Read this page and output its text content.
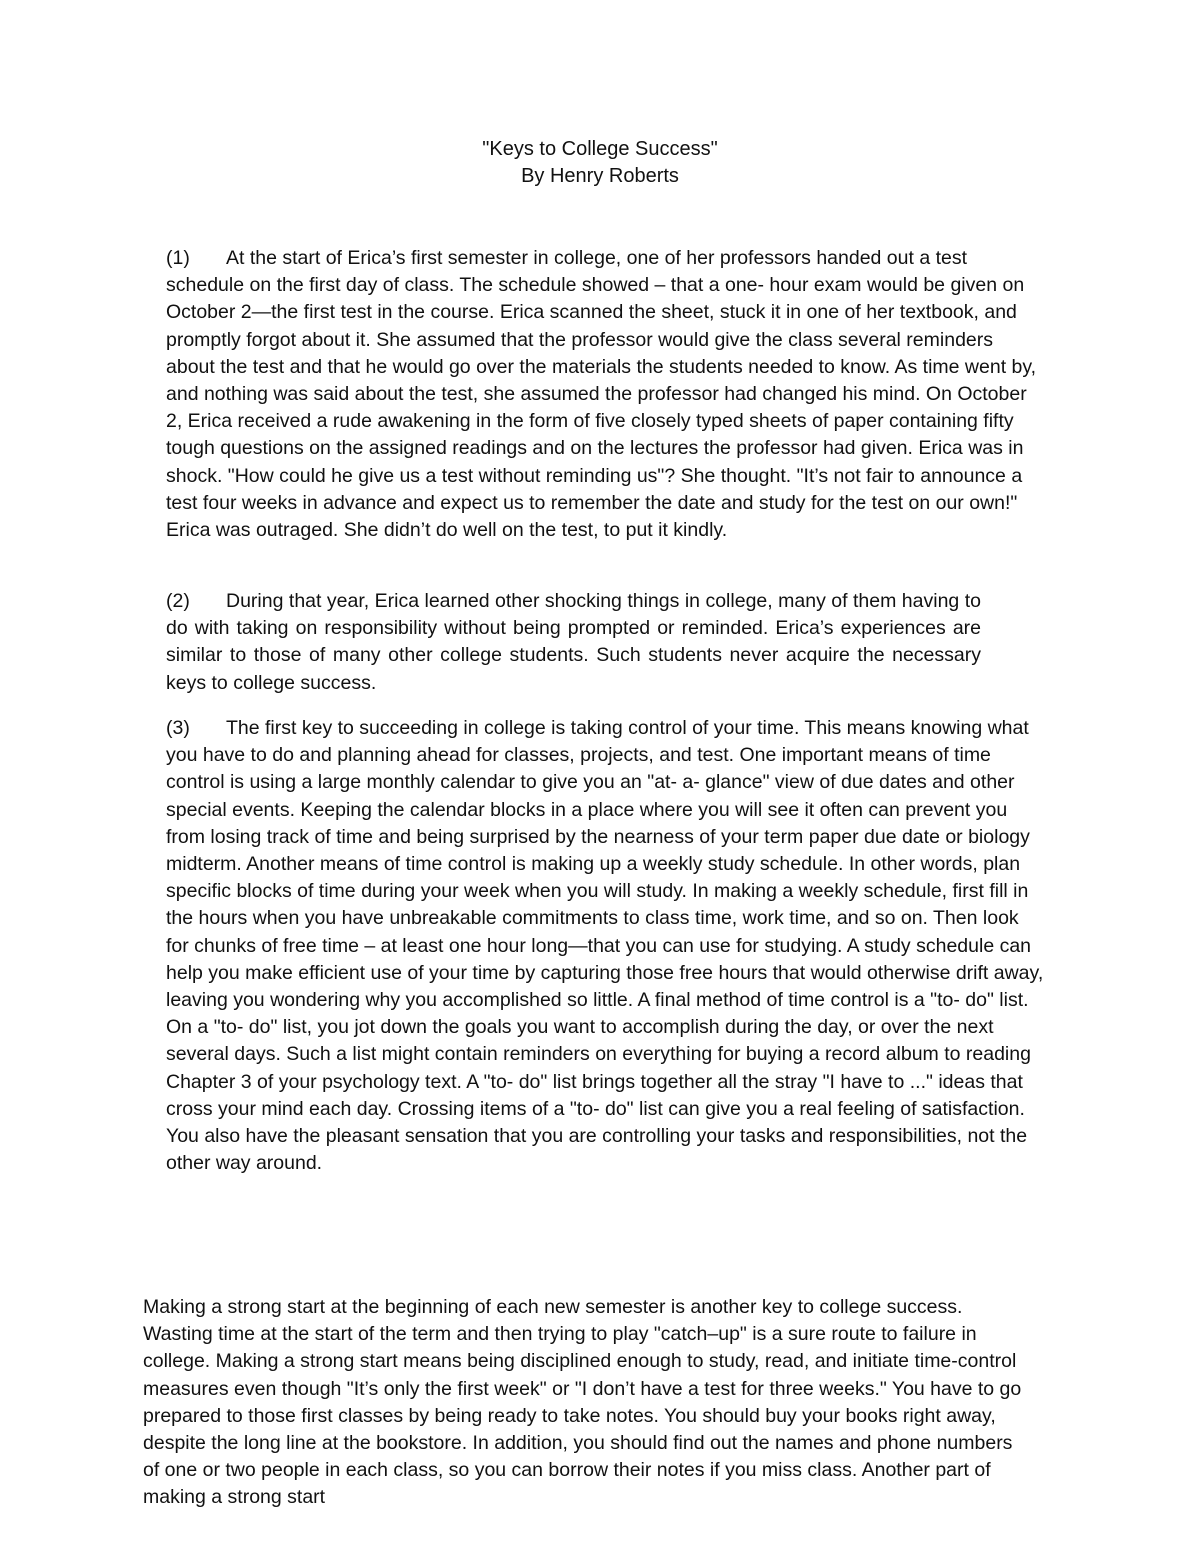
"Keys to College Success"
By Henry Roberts

(1) At the start of Erica’s first semester in college, one of her professors handed out a test schedule on the first day of class. The schedule showed – that a one- hour exam would be given on October 2—the first test in the course. Erica scanned the sheet, stuck it in one of her textbook, and promptly forgot about it. She assumed that the professor would give the class several reminders about the test and that he would go over the materials the students needed to know. As time went by, and nothing was said about the test, she assumed the professor had changed his mind. On October 2, Erica received a rude awakening in the form of five closely typed sheets of paper containing fifty tough questions on the assigned readings and on the lectures the professor had given. Erica was in shock. "How could he give us a test without reminding us"? She thought. "It’s not fair to announce a test four weeks in advance and expect us to remember the date and study for the test on our own!" Erica was outraged. She didn’t do well on the test, to put it kindly.

(2) During that year, Erica learned other shocking things in college, many of them having to do with taking on responsibility without being prompted or reminded. Erica’s experiences are similar to those of many other college students. Such students never acquire the necessary keys to college success.

(3) The first key to succeeding in college is taking control of your time. This means knowing what you have to do and planning ahead for classes, projects, and test. One important means of time control is using a large monthly calendar to give you an "at- a- glance" view of due dates and other special events. Keeping the calendar blocks in a place where you will see it often can prevent you from losing track of time and being surprised by the nearness of your term paper due date or biology midterm. Another means of time control is making up a weekly study schedule. In other words, plan specific blocks of time during your week when you will study. In making a weekly schedule, first fill in the hours when you have unbreakable commitments to class time, work time, and so on. Then look for chunks of free time – at least one hour long—that you can use for studying. A study schedule can help you make efficient use of your time by capturing those free hours that would otherwise drift away, leaving you wondering why you accomplished so little. A final method of time control is a "to- do" list. On a "to- do" list, you jot down the goals you want to accomplish during the day, or over the next several days. Such a list might contain reminders on everything for buying a record album to reading Chapter 3 of your psychology text. A "to- do" list brings together all the stray "I have to ..." ideas that cross your mind each day. Crossing items of a "to- do" list can give you a real feeling of satisfaction. You also have the pleasant sensation that you are controlling your tasks and responsibilities, not the other way around.

Making a strong start at the beginning of each new semester is another key to college success. Wasting time at the start of the term and then trying to play "catch–up" is a sure route to failure in college. Making a strong start means being disciplined enough to study, read, and initiate time-control measures even though "It’s only the first week" or "I don’t have a test for three weeks." You have to go prepared to those first classes by being ready to take notes. You should buy your books right away, despite the long line at the bookstore. In addition, you should find out the names and phone numbers of one or two people in each class, so you can borrow their notes if you miss class. Another part of making a strong start
